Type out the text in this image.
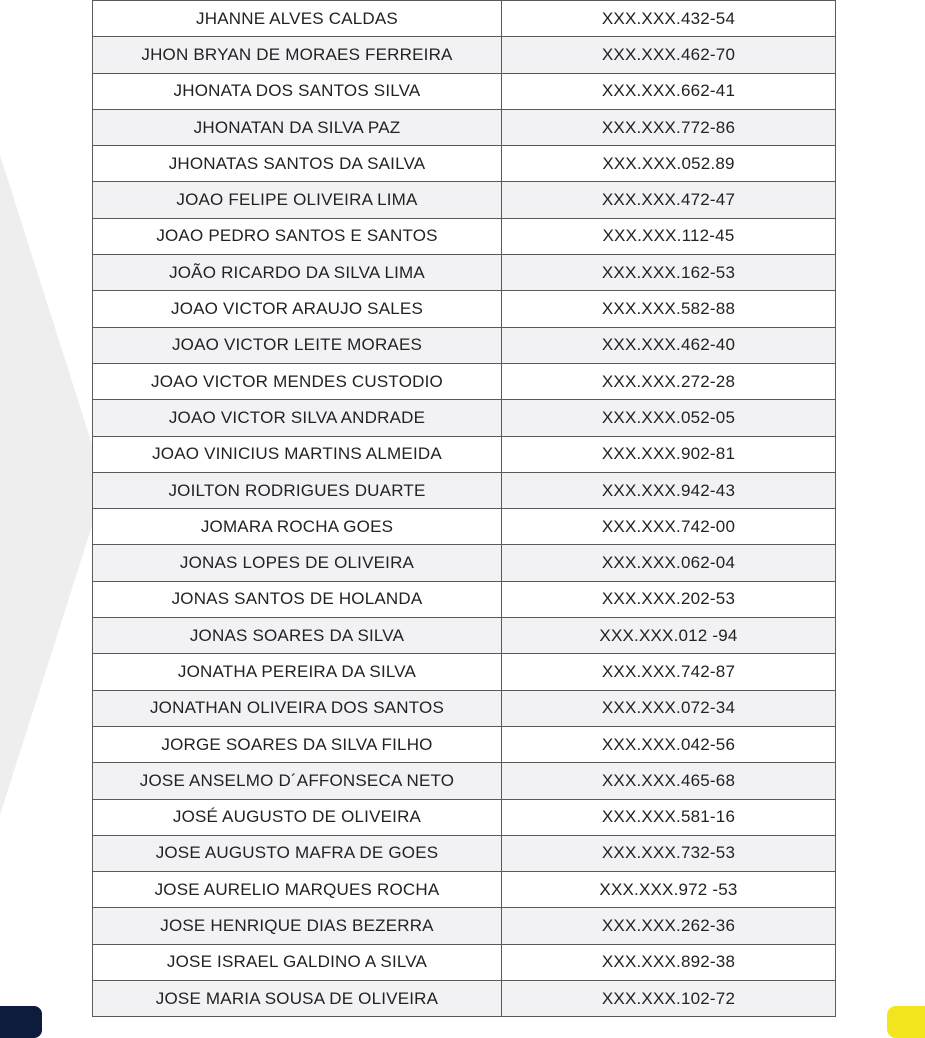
JHANNE ALVES CALDAS	XXX.XXX.432-54
JHON BRYAN DE MORAES FERREIRA	XXX.XXX.462-70
JHONATA DOS SANTOS SILVA	XXX.XXX.662-41
JHONATAN DA SILVA PAZ	XXX.XXX.772-86
JHONATAS SANTOS DA SAILVA	XXX.XXX.052.89
JOAO FELIPE OLIVEIRA LIMA	XXX.XXX.472-47
JOAO PEDRO SANTOS E SANTOS	XXX.XXX.112-45
JOÃO RICARDO DA SILVA LIMA	XXX.XXX.162-53
JOAO VICTOR ARAUJO SALES	XXX.XXX.582-88
JOAO VICTOR LEITE MORAES	XXX.XXX.462-40
JOAO VICTOR MENDES CUSTODIO	XXX.XXX.272-28
JOAO VICTOR SILVA ANDRADE	XXX.XXX.052-05
JOAO VINICIUS MARTINS ALMEIDA	XXX.XXX.902-81
JOILTON RODRIGUES DUARTE	XXX.XXX.942-43
JOMARA ROCHA GOES	XXX.XXX.742-00
JONAS LOPES DE OLIVEIRA	XXX.XXX.062-04
JONAS SANTOS DE HOLANDA	XXX.XXX.202-53
JONAS SOARES DA SILVA	XXX.XXX.012 -94
JONATHA PEREIRA DA SILVA	XXX.XXX.742-87
JONATHAN OLIVEIRA DOS SANTOS	XXX.XXX.072-34
JORGE SOARES DA SILVA FILHO	XXX.XXX.042-56
JOSE ANSELMO D´AFFONSECA NETO	XXX.XXX.465-68
JOSÉ AUGUSTO DE OLIVEIRA	XXX.XXX.581-16
JOSE AUGUSTO MAFRA DE GOES	XXX.XXX.732-53
JOSE AURELIO MARQUES ROCHA	XXX.XXX.972 -53
JOSE HENRIQUE DIAS BEZERRA	XXX.XXX.262-36
JOSE ISRAEL GALDINO A SILVA	XXX.XXX.892-38
JOSE MARIA SOUSA DE OLIVEIRA	XXX.XXX.102-72
